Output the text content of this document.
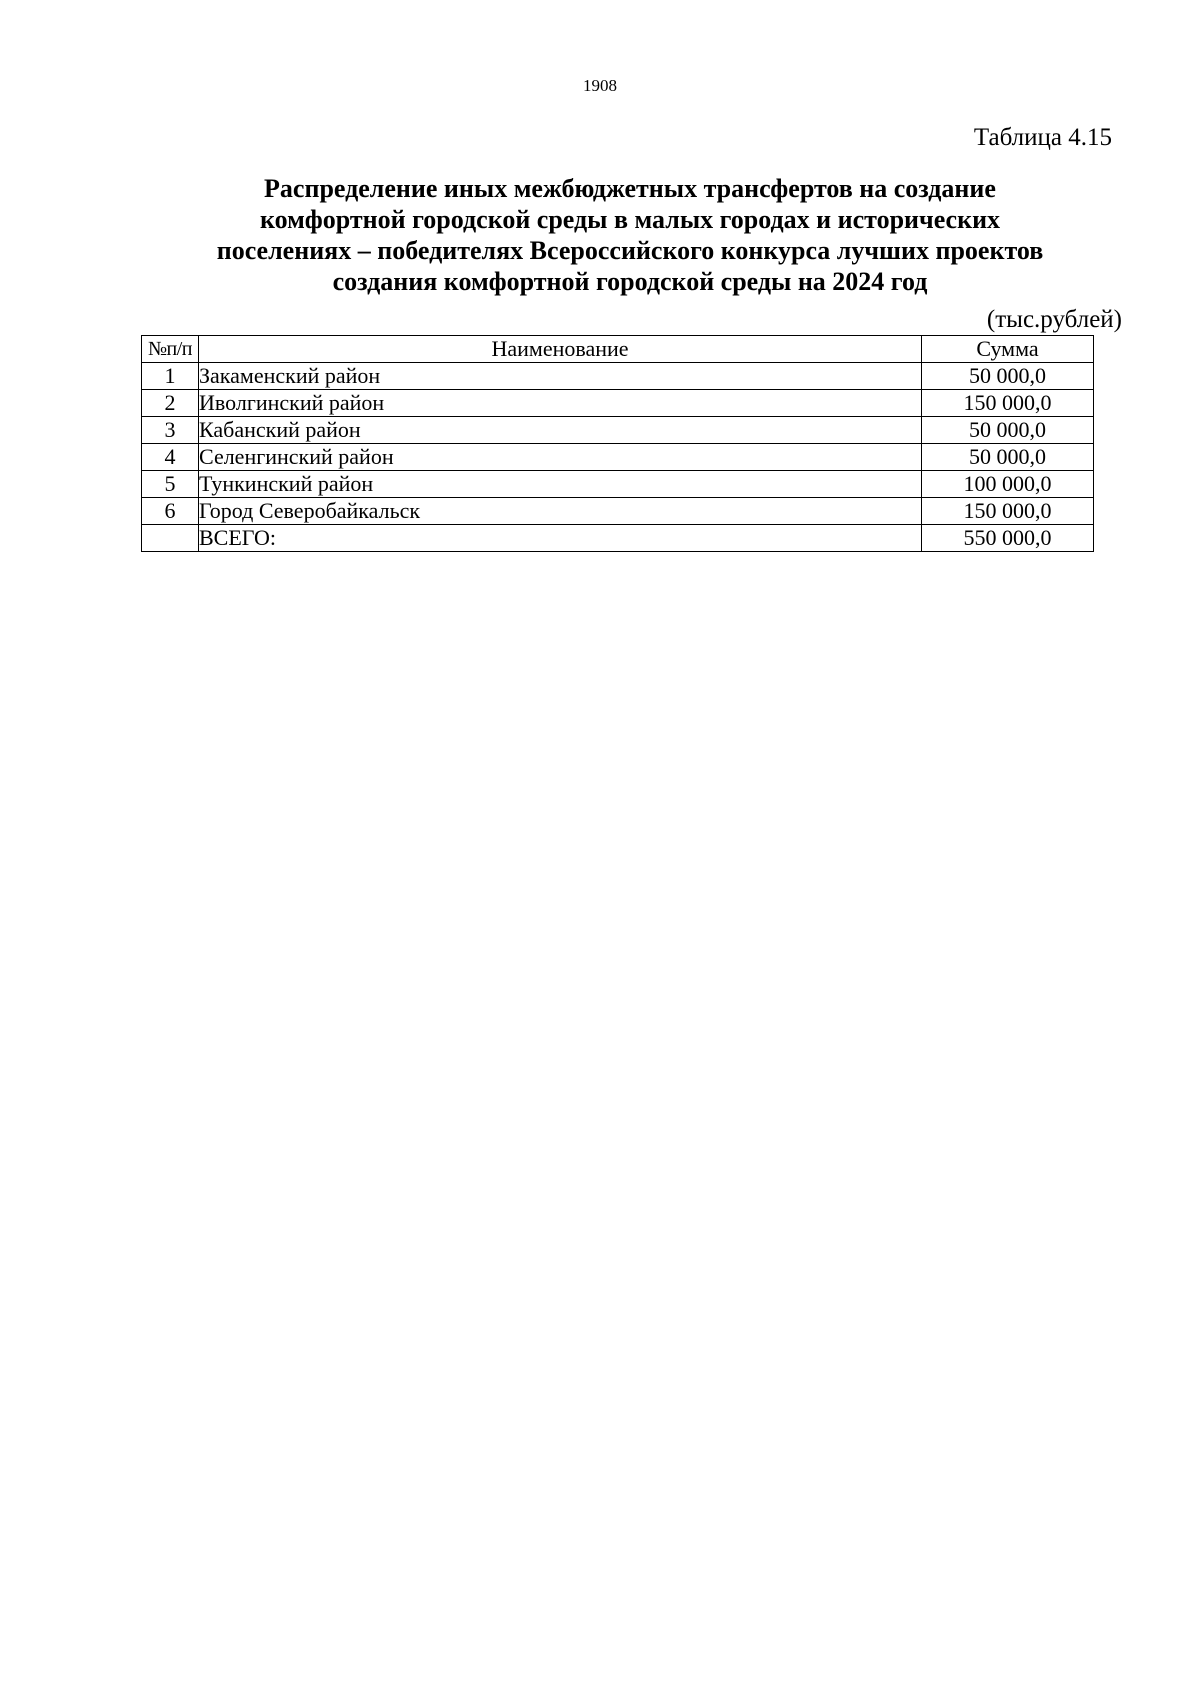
1908
Таблица 4.15
Распределение иных межбюджетных трансфертов на создание
комфортной городской среды в малых городах и исторических
поселениях – победителях Всероссийского конкурса лучших проектов
создания комфортной городской среды на 2024 год
(тыс.рублей)
№п/п	Наименование	Сумма
1	Закаменский район	50 000,0
2	Иволгинский район	150 000,0
3	Кабанский район	50 000,0
4	Селенгинский район	50 000,0
5	Тункинский район	100 000,0
6	Город Северобайкальск	150 000,0
	ВСЕГО:	550 000,0
